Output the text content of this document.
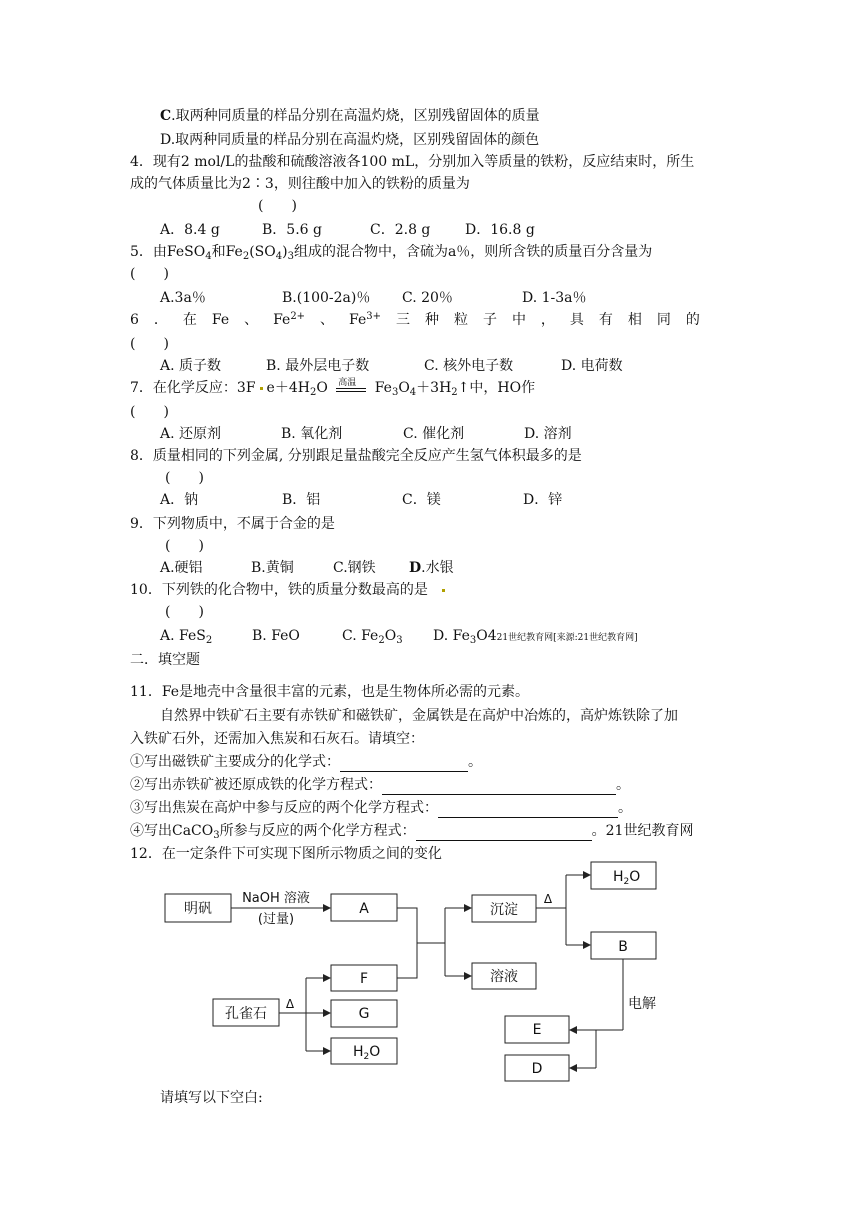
C.取两种同质量的样品分别在高温灼烧，区别残留固体的质量
D.取两种同质量的样品分别在高温灼烧，区别残留固体的颜色
4．现有2 mol/L的盐酸和硫酸溶液各100 mL，分别加入等质量的铁粉，反应结束时，所生
成的气体质量比为2∶3，则往酸中加入的铁粉的质量为
(　　)
A．8.4 g	B．5.6 g	C．2.8 g D．16.8 g
5．由FeSO$_4$和$Fe_2(SO_4)_3$组成的混合物中，含硫为a％，则所含铁的质量百分含量为
(　　)
A.3a％	B.(100-2a)％ C. 20％	D. 1-3a％
6 ． 在 Fe 、 $Fe^{2+}$ 、 $Fe^{3+}$ 三 种 粒 子 中 ， 具 有 相 同 的
(　　)
A. 质子数	B. 最外层电子数	C. 核外电子数	D. 电荷数
7．在化学反应：3F $e+4H_2O$ 高温 $Fe_3O_4+3H_2↑$中，HO作
(　　)
A. 还原剂	B. 氧化剂	C. 催化剂	D. 溶剂
8．质量相同的下列金属, 分别跟足量盐酸完全反应产生氢气体积最多的是
(　　)
A．钠	B．铝	C．镁	D．锌
9．下列物质中，不属于合金的是
(　　)
A.硬铝	B.黄铜	C.钢铁 D.水银
10．下列铁的化合物中，铁的质量分数最高的是
(　　)
A. FeS$_2$	B. FeO	C. $Fe_2O_3$ D. $Fe_3O421$世纪教育网[来源:21世纪教育网]
二．填空题
11．Fe是地壳中含量很丰富的元素，也是生物体所必需的元素。
自然界中铁矿石主要有赤铁矿和磁铁矿，金属铁是在高炉中冶炼的，高炉炼铁除了加
入铁矿石外，还需加入焦炭和石灰石。请填空：
①写出磁铁矿主要成分的化学式：	。
②写出赤铁矿被还原成铁的化学方程式：	。
③写出焦炭在高炉中参与反应的两个化学方程式：	。
④写出CaCO$_3$所参与反应的两个化学方程式：	。21世纪教育网
12．在一定条件下可实现下图所示物质之间的变化
明矾
NaOH 溶液
(过量)
A	沉淀
Δ
$H_2O$
B
溶液
F
孔雀石
Δ
G
$H_2O$
电解
E
D
请填写以下空白:
